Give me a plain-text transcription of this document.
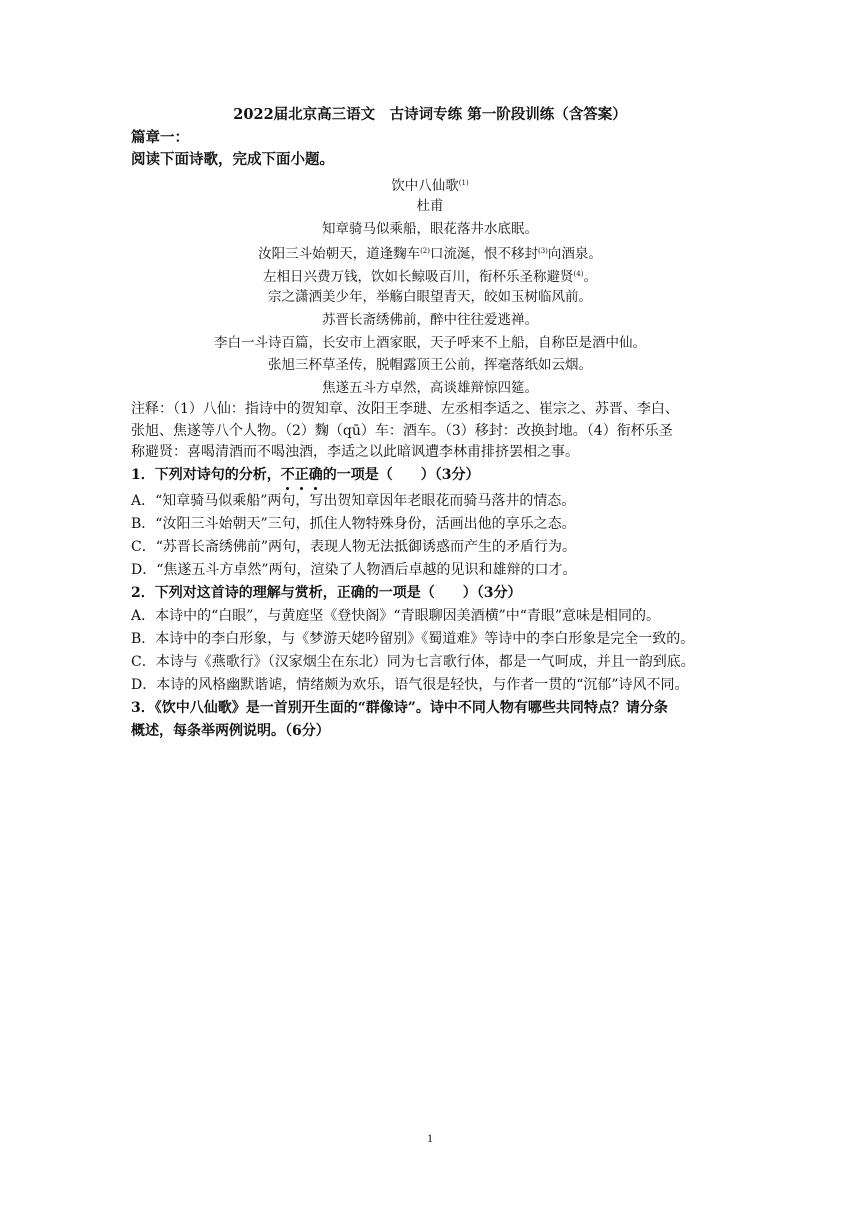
2022届北京高三语文　古诗词专练 第一阶段训练（含答案）
篇章一：
阅读下面诗歌，完成下面小题。
饮中八仙歌$^{(1)}$
杜甫
知章骑马似乘船，眼花落井水底眠。
汝阳三斗始朝天，道逢麴车$^{(2)}$口流涎，恨不移封$^{(3)}$向酒泉。
左相日兴费万钱，饮如长鲸吸百川，衔杯乐圣称避贤$^{(4)}$。
宗之潇洒美少年，举觞白眼望青天，皎如玉树临风前。
苏晋长斋绣佛前，醉中往往爱逃禅。
李白一斗诗百篇，长安市上酒家眠，天子呼来不上船，自称臣是酒中仙。
张旭三杯草圣传，脱帽露顶王公前，挥毫落纸如云烟。
焦遂五斗方卓然，高谈雄辩惊四筵。
注释：（1）八仙：指诗中的贺知章、汝阳王李琎、左丞相李适之、崔宗之、苏晋、李白、
张旭、焦遂等八个人物。（2）麴（qū）车：酒车。（3）移封：改换封地。（4）衔杯乐圣
称避贤：喜喝清酒而不喝浊酒，李适之以此暗讽遭李林甫排挤罢相之事。
1．下列对诗句的分析，不正确的一项是（　　）（3分）
A．“知章骑马似乘船”两句，写出贺知章因年老眼花而骑马落井的情态。
B．“汝阳三斗始朝天”三句，抓住人物特殊身份，活画出他的享乐之态。
C．“苏晋长斋绣佛前”两句，表现人物无法抵御诱惑而产生的矛盾行为。
D．“焦遂五斗方卓然”两句，渲染了人物酒后卓越的见识和雄辩的口才。
2．下列对这首诗的理解与赏析，正确的一项是（　　）（3分）
A．本诗中的“白眼”，与黄庭坚《登快阁》“青眼聊因美酒横”中“青眼”意味是相同的。
B．本诗中的李白形象，与《梦游天姥吟留别》《蜀道难》等诗中的李白形象是完全一致的。
C．本诗与《燕歌行》（汉家烟尘在东北）同为七言歌行体，都是一气呵成，并且一韵到底。
D．本诗的风格幽默谐谑，情绪颇为欢乐，语气很是轻快，与作者一贯的“沉郁”诗风不同。
3．《饮中八仙歌》是一首别开生面的“群像诗”。诗中不同人物有哪些共同特点？请分条
概述，每条举两例说明。（6分）
1
